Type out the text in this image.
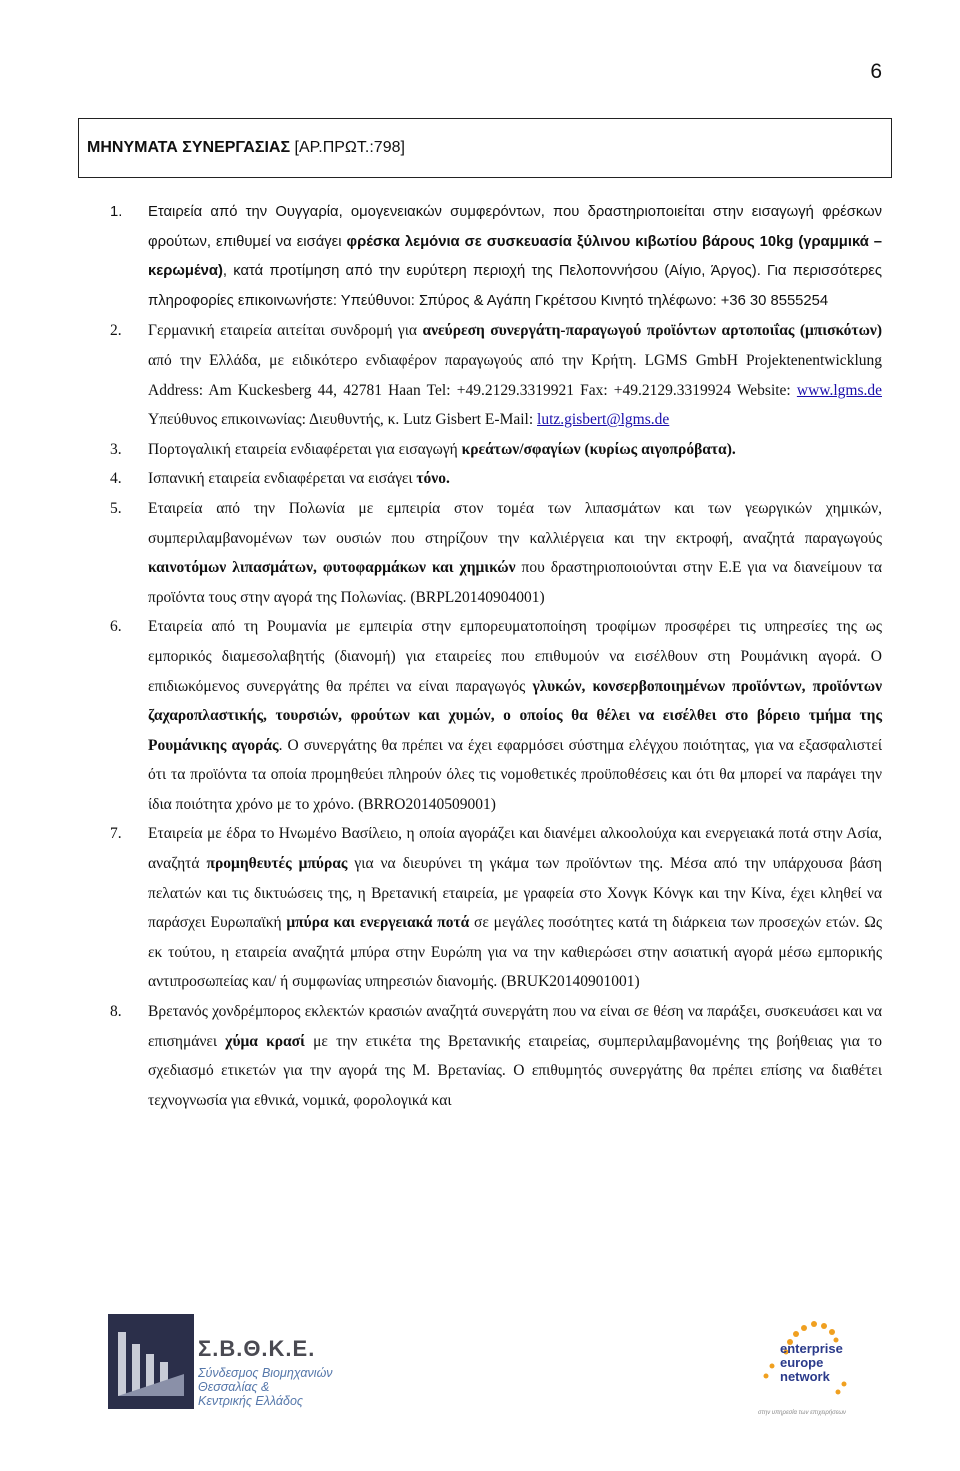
6
ΜΗΝΥΜΑΤΑ ΣΥΝΕΡΓΑΣΙΑΣ [ΑΡ.ΠΡΩΤ.:798]
1. Εταιρεία από την Ουγγαρία, ομογενειακών συμφερόντων, που δραστηριοποιείται στην εισαγωγή φρέσκων φρούτων, επιθυμεί να εισάγει φρέσκα λεμόνια σε συσκευασία ξύλινου κιβωτίου βάρους 10kg (γραμμικά – κερωμένα), κατά προτίμηση από την ευρύτερη περιοχή της Πελοποννήσου (Αίγιο, Άργος). Για περισσότερες πληροφορίες επικοινωνήστε: Υπεύθυνοι: Σπύρος & Αγάπη Γκρέτσου Κινητό τηλέφωνο: +36 30 8555254
2. Γερμανική εταιρεία αιτείται συνδρομή για ανεύρεση συνεργάτη-παραγωγού προϊόντων αρτοποιΐας (μπισκότων) από την Ελλάδα, με ειδικότερο ενδιαφέρον παραγωγούς από την Κρήτη. LGMS GmbH Projektenentwicklung Address: Am Kuckesberg 44, 42781 Haan Tel: +49.2129.3319921 Fax: +49.2129.3319924 Website: www.lgms.de Υπεύθυνος επικοινωνίας: Διευθυντής, κ. Lutz Gisbert E-Mail: lutz.gisbert@lgms.de
3. Πορτογαλική εταιρεία ενδιαφέρεται για εισαγωγή κρεάτων/σφαγίων (κυρίως αιγοπρόβατα).
4. Ισπανική εταιρεία ενδιαφέρεται να εισάγει τόνο.
5. Εταιρεία από την Πολωνία με εμπειρία στον τομέα των λιπασμάτων και των γεωργικών χημικών, συμπεριλαμβανομένων των ουσιών που στηρίζουν την καλλιέργεια και την εκτροφή, αναζητά παραγωγούς καινοτόμων λιπασμάτων, φυτοφαρμάκων και χημικών που δραστηριοποιούνται στην Ε.Ε για να διανείμουν τα προϊόντα τους στην αγορά της Πολωνίας. (BRPL20140904001)
6. Εταιρεία από τη Ρουμανία με εμπειρία στην εμπορευματοποίηση τροφίμων προσφέρει τις υπηρεσίες της ως εμπορικός διαμεσολαβητής (διανομή) για εταιρείες που επιθυμούν να εισέλθουν στη Ρουμάνικη αγορά. Ο επιδιωκόμενος συνεργάτης θα πρέπει να είναι παραγωγός γλυκών, κονσερβοποιημένων προϊόντων, προϊόντων ζαχαροπλαστικής, τουρσιών, φρούτων και χυμών, ο οποίος θα θέλει να εισέλθει στο βόρειο τμήμα της Ρουμάνικης αγοράς. Ο συνεργάτης θα πρέπει να έχει εφαρμόσει σύστημα ελέγχου ποιότητας, για να εξασφαλιστεί ότι τα προϊόντα τα οποία προμηθεύει πληρούν όλες τις νομοθετικές προϋποθέσεις και ότι θα μπορεί να παράγει την ίδια ποιότητα χρόνο με το χρόνο. (BRRO20140509001)
7. Εταιρεία με έδρα το Ηνωμένο Βασίλειο, η οποία αγοράζει και διανέμει αλκοολούχα και ενεργειακά ποτά στην Ασία, αναζητά προμηθευτές μπύρας για να διευρύνει τη γκάμα των προϊόντων της. Μέσα από την υπάρχουσα βάση πελατών και τις δικτυώσεις της, η Βρετανική εταιρεία, με γραφεία στο Χονγκ Κόνγκ και την Κίνα, έχει κληθεί να παράσχει Ευρωπαϊκή μπύρα και ενεργειακά ποτά σε μεγάλες ποσότητες κατά τη διάρκεια των προσεχών ετών. Ως εκ τούτου, η εταιρεία αναζητά μπύρα στην Ευρώπη για να την καθιερώσει στην ασιατική αγορά μέσω εμπορικής αντιπροσωπείας και/ ή συμφωνίας υπηρεσιών διανομής. (BRUK20140901001)
8. Βρετανός χονδρέμπορος εκλεκτών κρασιών αναζητά συνεργάτη που να είναι σε θέση να παράξει, συσκευάσει και να επισημάνει χύμα κρασί με την ετικέτα της Βρετανικής εταιρείας, συμπεριλαμβανομένης της βοήθειας για το σχεδιασμό ετικετών για την αγορά της Μ. Βρετανίας. Ο επιθυμητός συνεργάτης θα πρέπει επίσης να διαθέτει τεχνογνωσία για εθνικά, νομικά, φορολογικά και
Σ.Β.Θ.Κ.Ε.
Σύνδεσμος Βιομηχανιών
Θεσσαλίας &
Κεντρικής Ελλάδος
enterprise
europe
network
στην υπηρεσία των επιχειρήσεων
